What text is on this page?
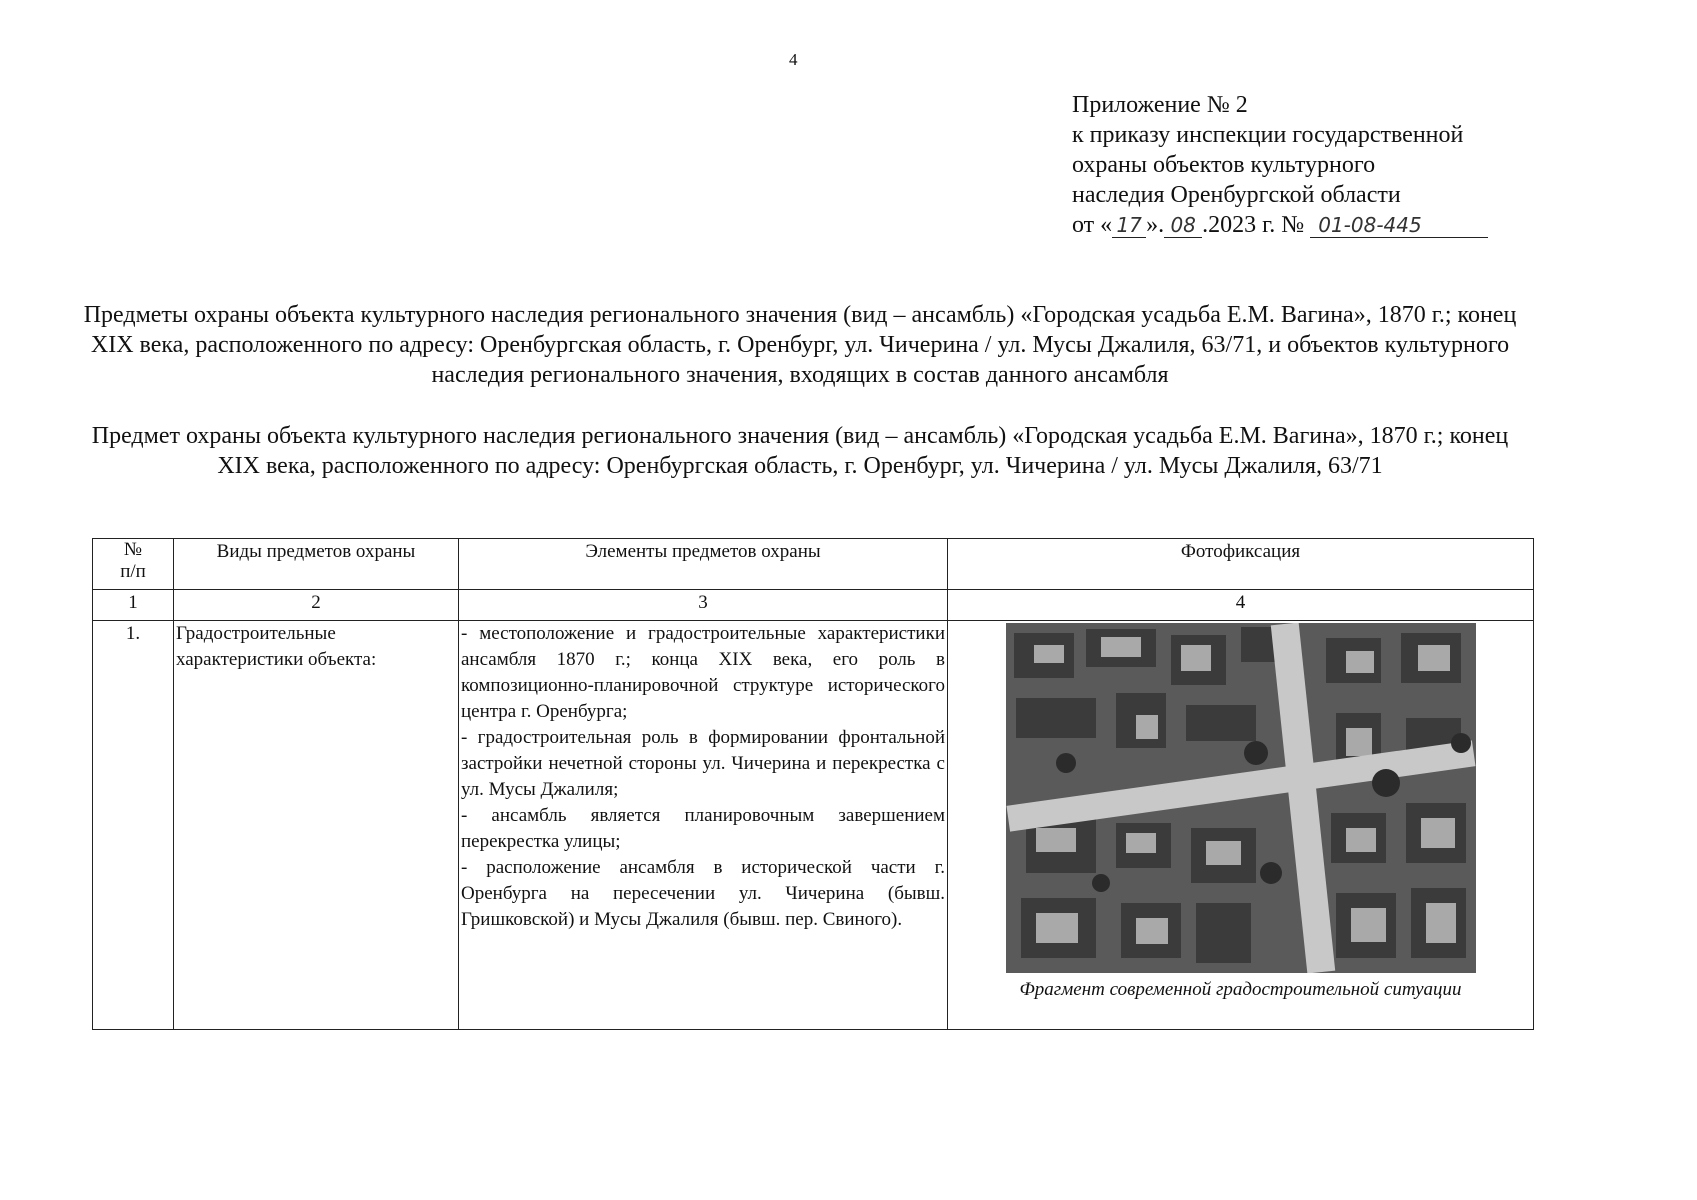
4
Приложение № 2
к приказу инспекции государственной
охраны объектов культурного
наследия Оренбургской области
от « 17 ». 08 .2023 г. № 01-08-445
Предметы охраны объекта культурного наследия регионального значения (вид – ансамбль) «Городская усадьба Е.М. Вагина», 1870 г.; конец XIX века, расположенного по адресу: Оренбургская область, г. Оренбург, ул. Чичерина / ул. Мусы Джалиля, 63/71, и объектов культурного наследия регионального значения, входящих в состав данного ансамбля
Предмет охраны объекта культурного наследия регионального значения (вид – ансамбль) «Городская усадьба Е.М. Вагина», 1870 г.; конец XIX века, расположенного по адресу: Оренбургская область, г. Оренбург, ул. Чичерина / ул. Мусы Джалиля, 63/71
№
п/п	Виды предметов охраны	Элементы предметов охраны	Фотофиксация
1	2	3	4
1.	Градостроительные характеристики объекта:	- местоположение и градостроительные характеристики ансамбля 1870 г.; конца XIX века, его роль в композиционно-планировочной структуре исторического центра г. Оренбурга;
- градостроительная роль в формировании фронтальной застройки нечетной стороны ул. Чичерина и перекрестка с ул. Мусы Джалиля;
- ансамбль является планировочным завершением перекрестка улицы;
- расположение ансамбля в исторической части г. Оренбурга на пересечении ул. Чичерина (бывш. Гришковской) и Мусы Джалиля (бывш. пер. Свиного).	Фрагмент современной градостроительной ситуации
